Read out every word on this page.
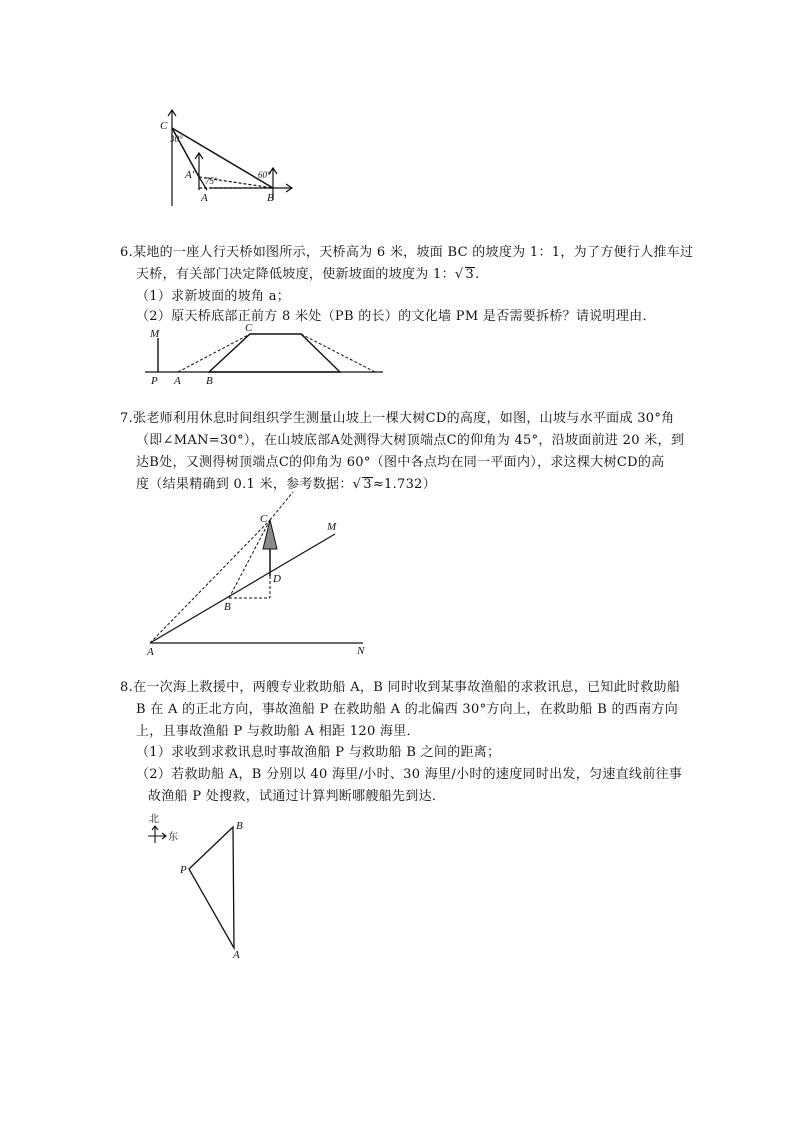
C
A'
A	B
30°
75°
60°
6.某地的一座人行天桥如图所示，天桥高为 6 米，坡面 BC 的坡度为 1：1，为了方便行人推车过
天桥，有关部门决定降低坡度，使新坡面的坡度为 1：√ 3.
（1）求新坡面的坡角 a；
（2）原天桥底部正前方 8 米处（PB 的长）的文化墙 PM 是否需要拆桥？请说明理由．
M	C
P A B
7.张老师利用休息时间组织学生测量山坡上一棵大树CD的高度，如图，山坡与水平面成 30°角
（即∠MAN=30°），在山坡底部A处测得大树顶端点C的仰角为 45°，沿坡面前进 20 米，到
达B处，又测得树顶端点C的仰角为 60°（图中各点均在同一平面内），求这棵大树CD的高
度（结果精确到 0.1 米，参考数据：√ 3≈1.732）
C
M
D
B
A	N
8.在一次海上救援中，两艘专业救助船 A，B 同时收到某事故渔船的求救讯息，已知此时救助船
B 在 A 的正北方向，事故渔船 P 在救助船 A 的北偏西 30°方向上，在救助船 B 的西南方向
上，且事故渔船 P 与救助船 A 相距 120 海里．
（1）求收到求救讯息时事故渔船 P 与救助船 B 之间的距离；
（2）若救助船 A，B 分别以 40 海里/小时、30 海里/小时的速度同时出发，匀速直线前往事
故渔船 P 处搜救，试通过计算判断哪艘船先到达．
北
东
B
P
A
